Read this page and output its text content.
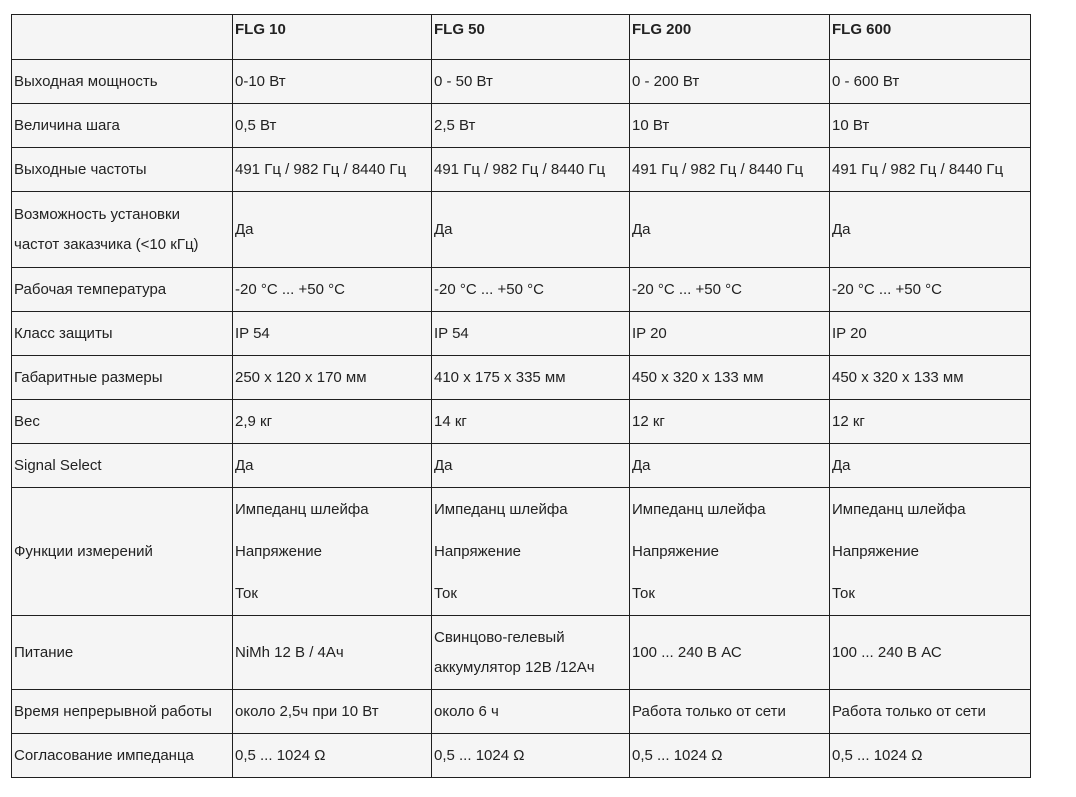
	FLG 10	FLG 50	FLG 200	FLG 600
Выходная мощность	0-10 Вт	0 - 50 Вт	0 - 200 Вт	0 - 600 Вт
Величина шага	0,5 Вт	2,5 Вт	10 Вт	10 Вт
Выходные частоты	491 Гц / 982 Гц / 8440 Гц	491 Гц / 982 Гц / 8440 Гц	491 Гц / 982 Гц / 8440 Гц	491 Гц / 982 Гц / 8440 Гц

Возможность установки
частот заказчика (<10 кГц)	Да	Да	Да	Да
Рабочая температура	-20 °C ... +50 °C	-20 °C ... +50 °C	-20 °C ... +50 °C	-20 °C ... +50 °C
Класс защиты	IP 54	IP 54	IP 20	IP 20
Габаритные размеры	250 x 120 x 170 мм	410 x 175 x 335 мм	450 x 320 x 133 мм	450 x 320 x 133 мм
Вес	2,9 кг	14 кг	12 кг	12 кг
Signal Select	Да	Да	Да	Да
Функции измерений	Импеданц шлейфа
Напряжение
Ток	Импеданц шлейфа
Напряжение
Ток	Импеданц шлейфа
Напряжение
Ток	Импеданц шлейфа
Напряжение
Ток

Питание	NiMh 12 В / 4Ач	Свинцово-гелевый
аккумулятор 12В /12Ач	100 ... 240 В АС	100 ... 240 В АС
Время непрерывной работы	около 2,5ч при 10 Вт	около 6 ч	Работа только от сети	Работа только от сети
Согласование импеданца	0,5 ... 1024 Ω	0,5 ... 1024 Ω	0,5 ... 1024 Ω	0,5 ... 1024 Ω
